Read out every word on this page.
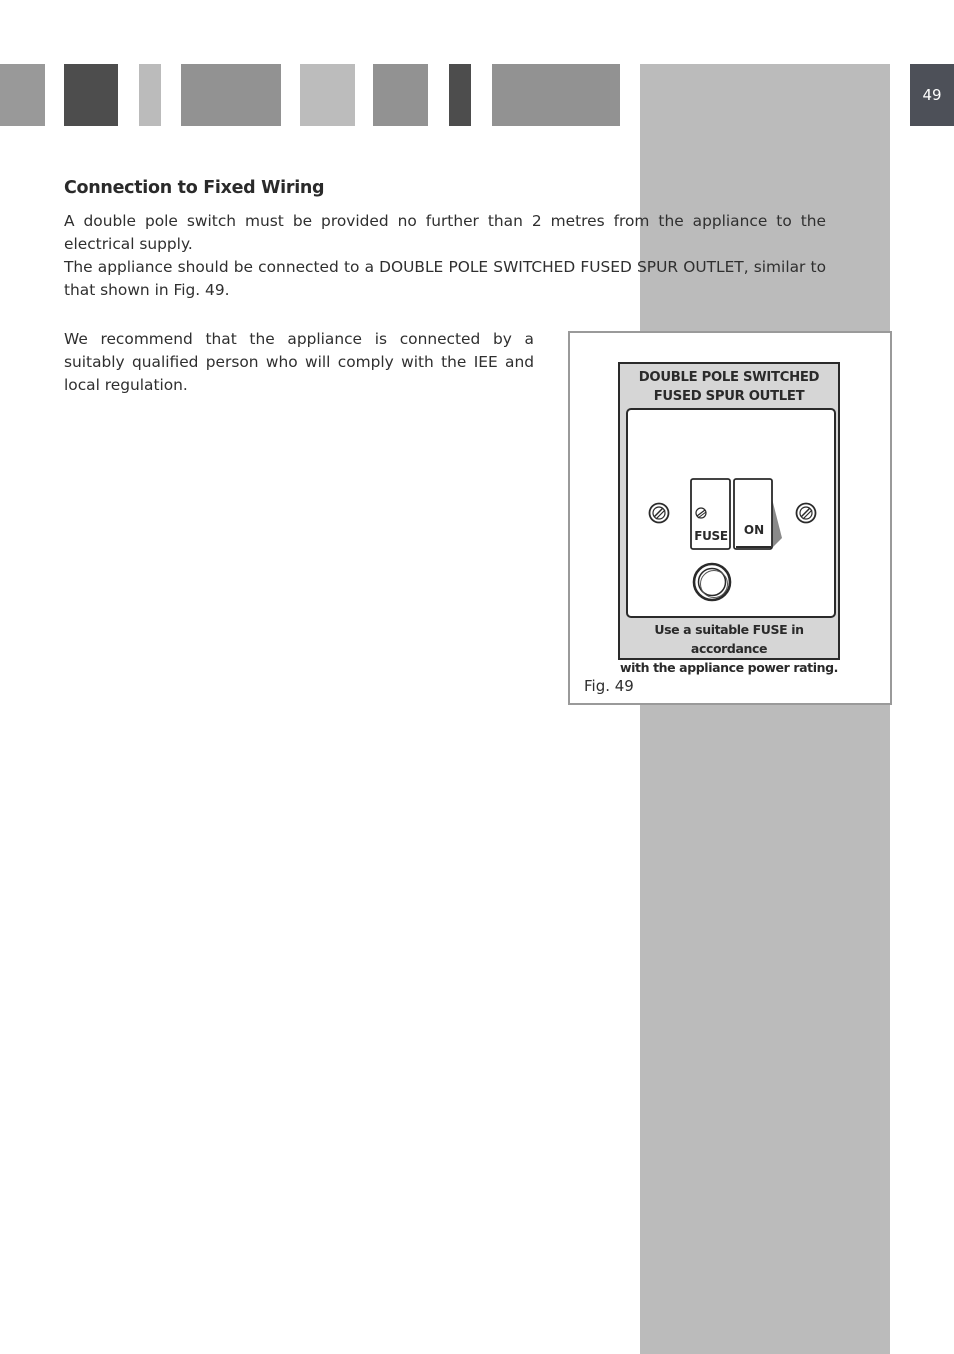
49
Connection to Fixed Wiring

A double pole switch must be provided no further than 2 metres from the appliance to the electrical supply.

The appliance should be connected to a DOUBLE POLE SWITCHED FUSED SPUR OUTLET, similar to that shown in Fig. 49.

We recommend that the appliance is connected by a suitably qualified person who will comply with the IEE and local regulation.	DOUBLE POLE SWITCHED
FUSED SPUR OUTLET
FUSE	ON
Use a suitable FUSE in accordance
with the appliance power rating.
Fig. 49
